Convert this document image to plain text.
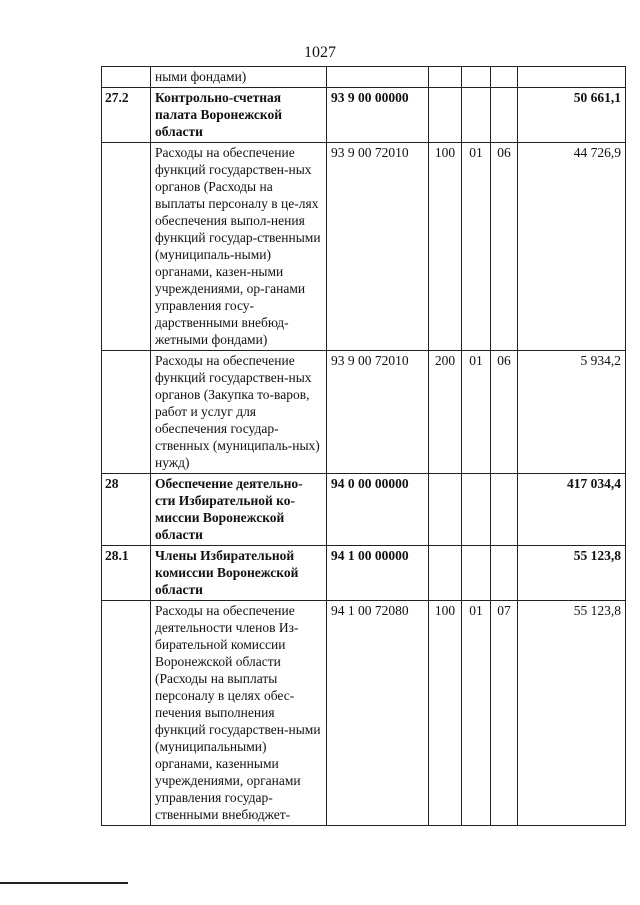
1027
	ными фондами)					
27.2	Контрольно-счетная палата Воронежской области	93 9 00 00000				50 661,1
	Расходы на обеспечение функций государствен-ных органов (Расходы на выплаты персоналу в це-лях обеспечения выпол-нения функций государ-ственными (муниципаль-ными) органами, казен-ными учреждениями, ор-ганами управления госу-дарственными внебюд-жетными фондами)	93 9 00 72010	100	01	06	44 726,9
	Расходы на обеспечение функций государствен-ных органов (Закупка то-варов, работ и услуг для обеспечения государ-ственных (муниципаль-ных) нужд)	93 9 00 72010	200	01	06	5 934,2
28	Обеспечение деятельно-сти Избирательной ко-миссии Воронежской области	94 0 00 00000				417 034,4
28.1	Члены Избирательной комиссии Воронежской области	94 1 00 00000				55 123,8
	Расходы на обеспечение деятельности членов Из-бирательной комиссии Воронежской области (Расходы на выплаты персоналу в целях обес-печения выполнения функций государствен-ными (муниципальными) органами, казенными учреждениями, органами управления государ-ственными внебюджет-	94 1 00 72080	100	01	07	55 123,8
